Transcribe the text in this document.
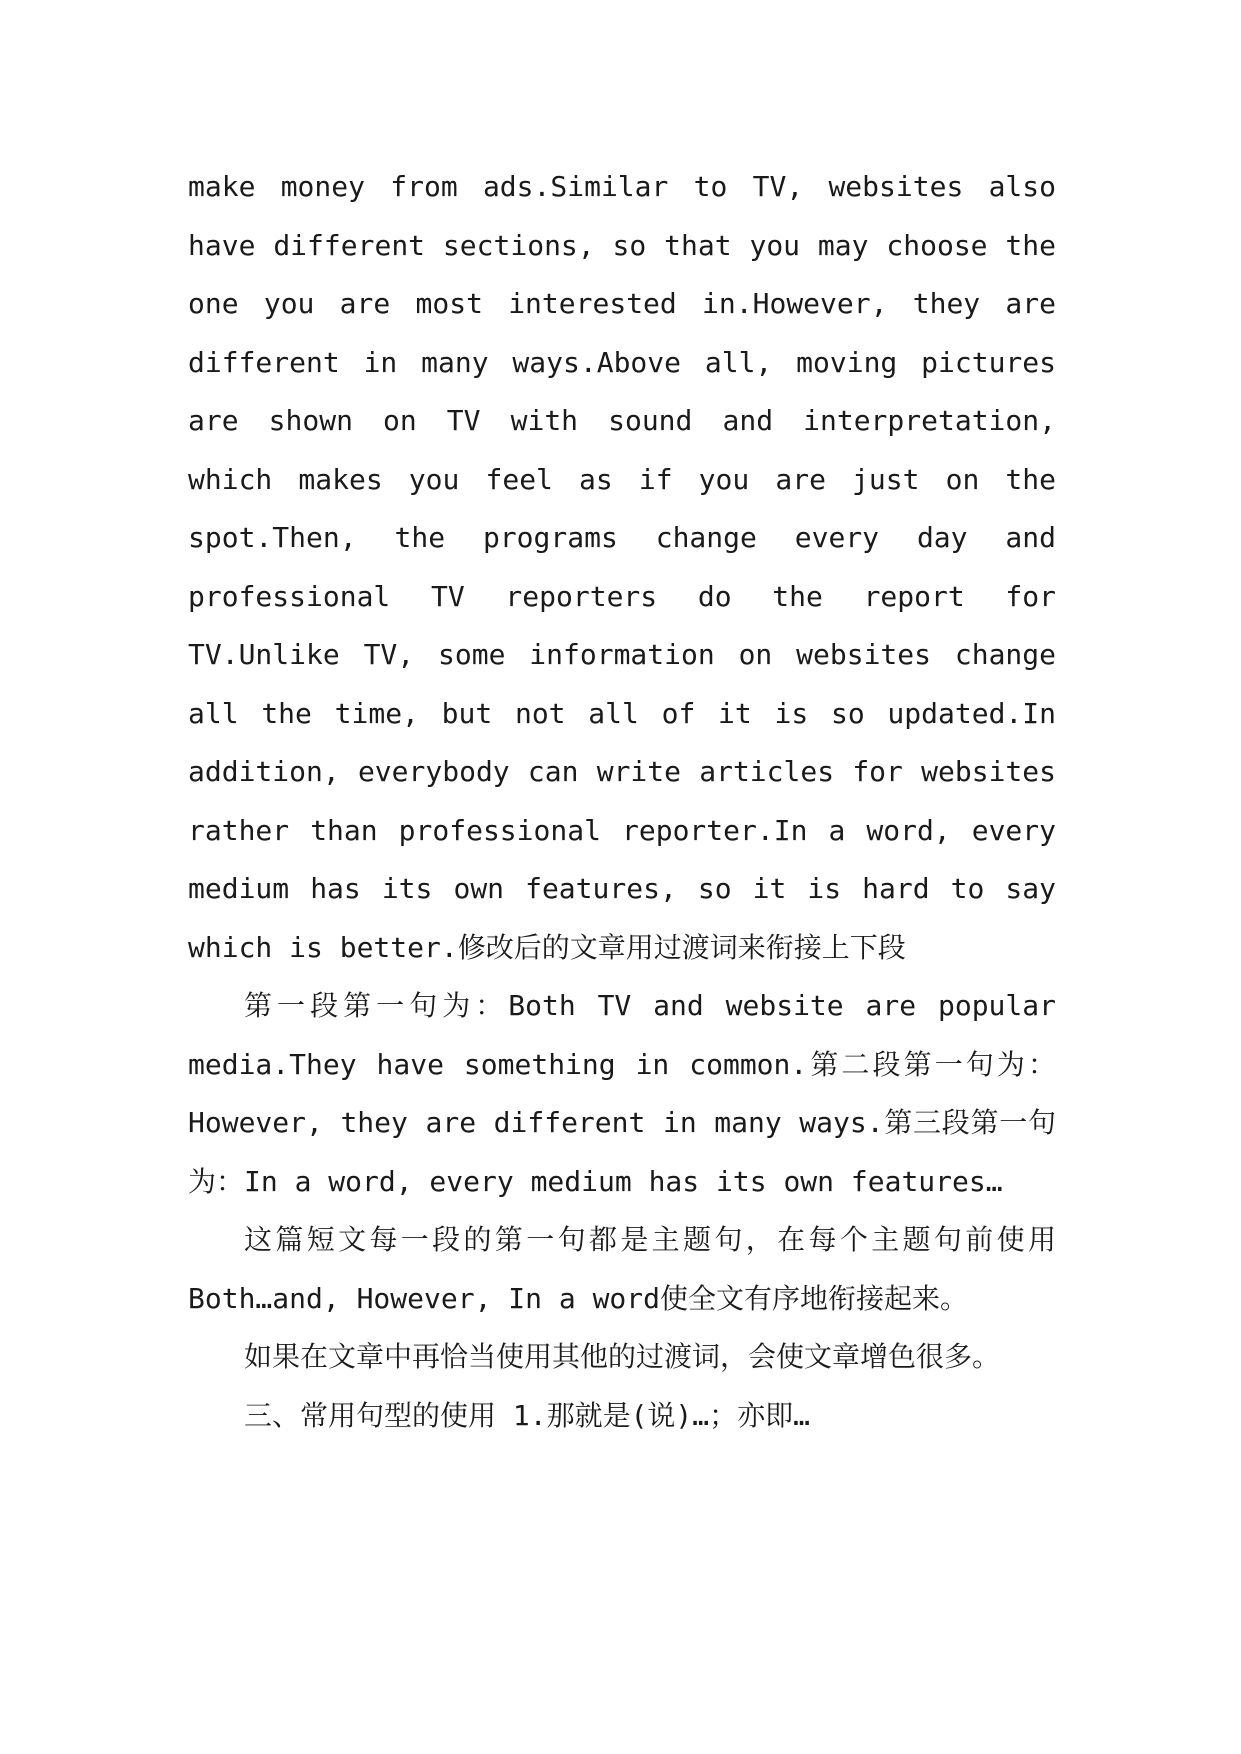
make money from ads.Similar to TV, websites also have different sections, so that you may choose the one you are most interested in.However, they are different in many ways.Above all, moving pictures are shown on TV with sound and interpretation, which makes you feel as if you are just on the spot.Then, the programs change every day and professional TV reporters do the report for TV.Unlike TV, some information on websites change all the time, but not all of it is so updated.In addition, everybody can write articles for websites rather than professional reporter.In a word, every medium has its own features, so it is hard to say which is better.修改后的文章用过渡词来衔接上下段

第一段第一句为：Both TV and website are popular media.They have something in common.第二段第一句为：However, they are different in many ways.第三段第一句为：In a word, every medium has its own features…

这篇短文每一段的第一句都是主题句，在每个主题句前使用Both…and, However, In a word使全文有序地衔接起来。

如果在文章中再恰当使用其他的过渡词，会使文章增色很多。

三、常用句型的使用 1.那就是(说)…；亦即…
